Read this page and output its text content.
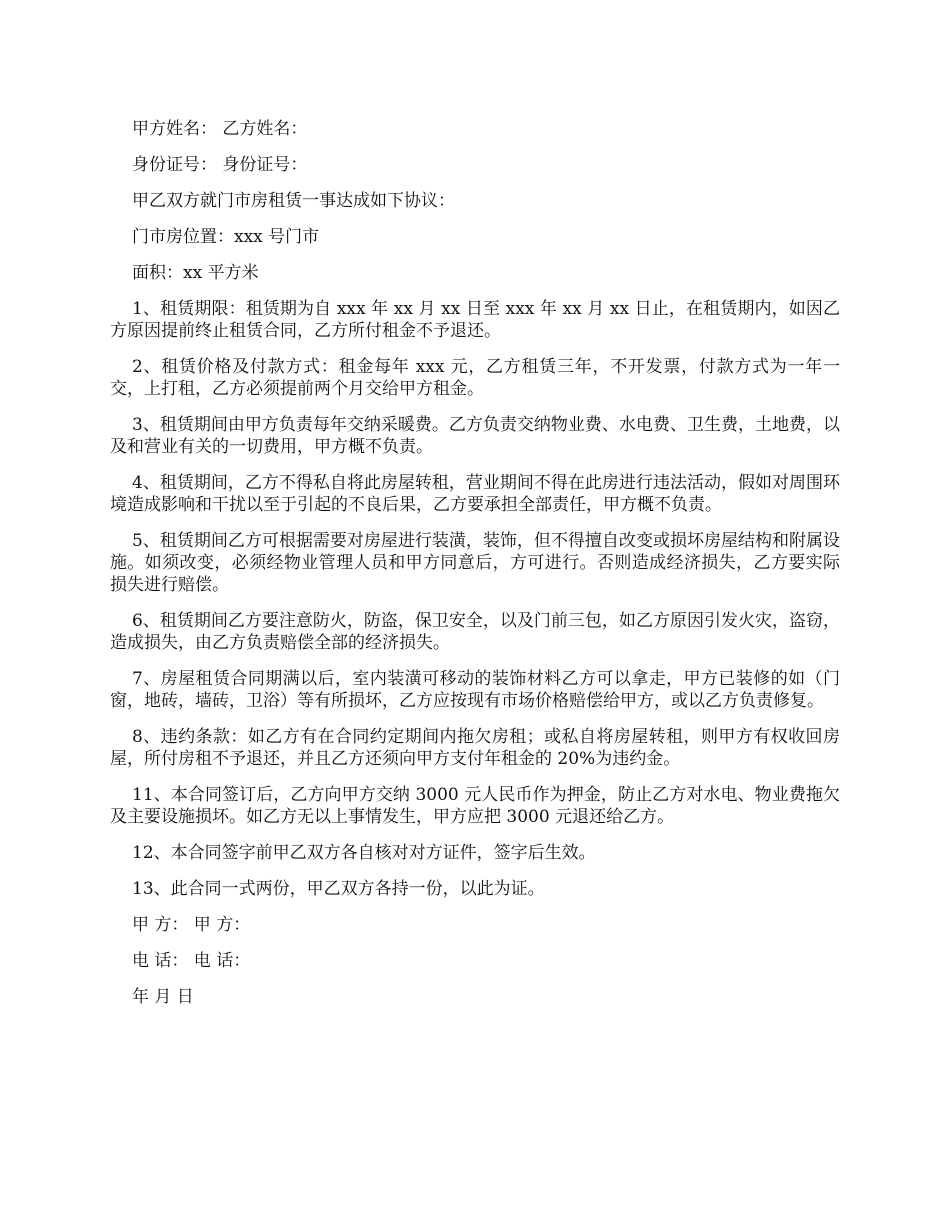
甲方姓名： 乙方姓名：

身份证号： 身份证号：

甲乙双方就门市房租赁一事达成如下协议：

门市房位置：xxx 号门市

面积：xx 平方米

1、租赁期限：租赁期为自 xxx 年 xx 月 xx 日至 xxx 年 xx 月 xx 日止，在租赁期内，如因乙方原因提前终止租赁合同，乙方所付租金不予退还。

2、租赁价格及付款方式：租金每年 xxx 元，乙方租赁三年，不开发票，付款方式为一年一交，上打租，乙方必须提前两个月交给甲方租金。

3、租赁期间由甲方负责每年交纳采暖费。乙方负责交纳物业费、水电费、卫生费，土地费，以及和营业有关的一切费用，甲方概不负责。

4、租赁期间，乙方不得私自将此房屋转租，营业期间不得在此房进行违法活动，假如对周围环境造成影响和干扰以至于引起的不良后果，乙方要承担全部责任，甲方概不负责。

5、租赁期间乙方可根据需要对房屋进行装潢，装饰，但不得擅自改变或损坏房屋结构和附属设施。如须改变，必须经物业管理人员和甲方同意后，方可进行。否则造成经济损失，乙方要实际损失进行赔偿。

6、租赁期间乙方要注意防火，防盗，保卫安全，以及门前三包，如乙方原因引发火灾，盗窃，造成损失，由乙方负责赔偿全部的经济损失。

7、房屋租赁合同期满以后，室内装潢可移动的装饰材料乙方可以拿走，甲方已装修的如（门窗，地砖，墙砖，卫浴）等有所损坏，乙方应按现有市场价格赔偿给甲方，或以乙方负责修复。

8、违约条款：如乙方有在合同约定期间内拖欠房租；或私自将房屋转租，则甲方有权收回房屋，所付房租不予退还，并且乙方还须向甲方支付年租金的 20%为违约金。

11、本合同签订后，乙方向甲方交纳 3000 元人民币作为押金，防止乙方对水电、物业费拖欠及主要设施损坏。如乙方无以上事情发生，甲方应把 3000 元退还给乙方。

12、本合同签字前甲乙双方各自核对对方证件，签字后生效。

13、此合同一式两份，甲乙双方各持一份，以此为证。

甲 方： 甲 方：

电 话： 电 话：

年 月 日
